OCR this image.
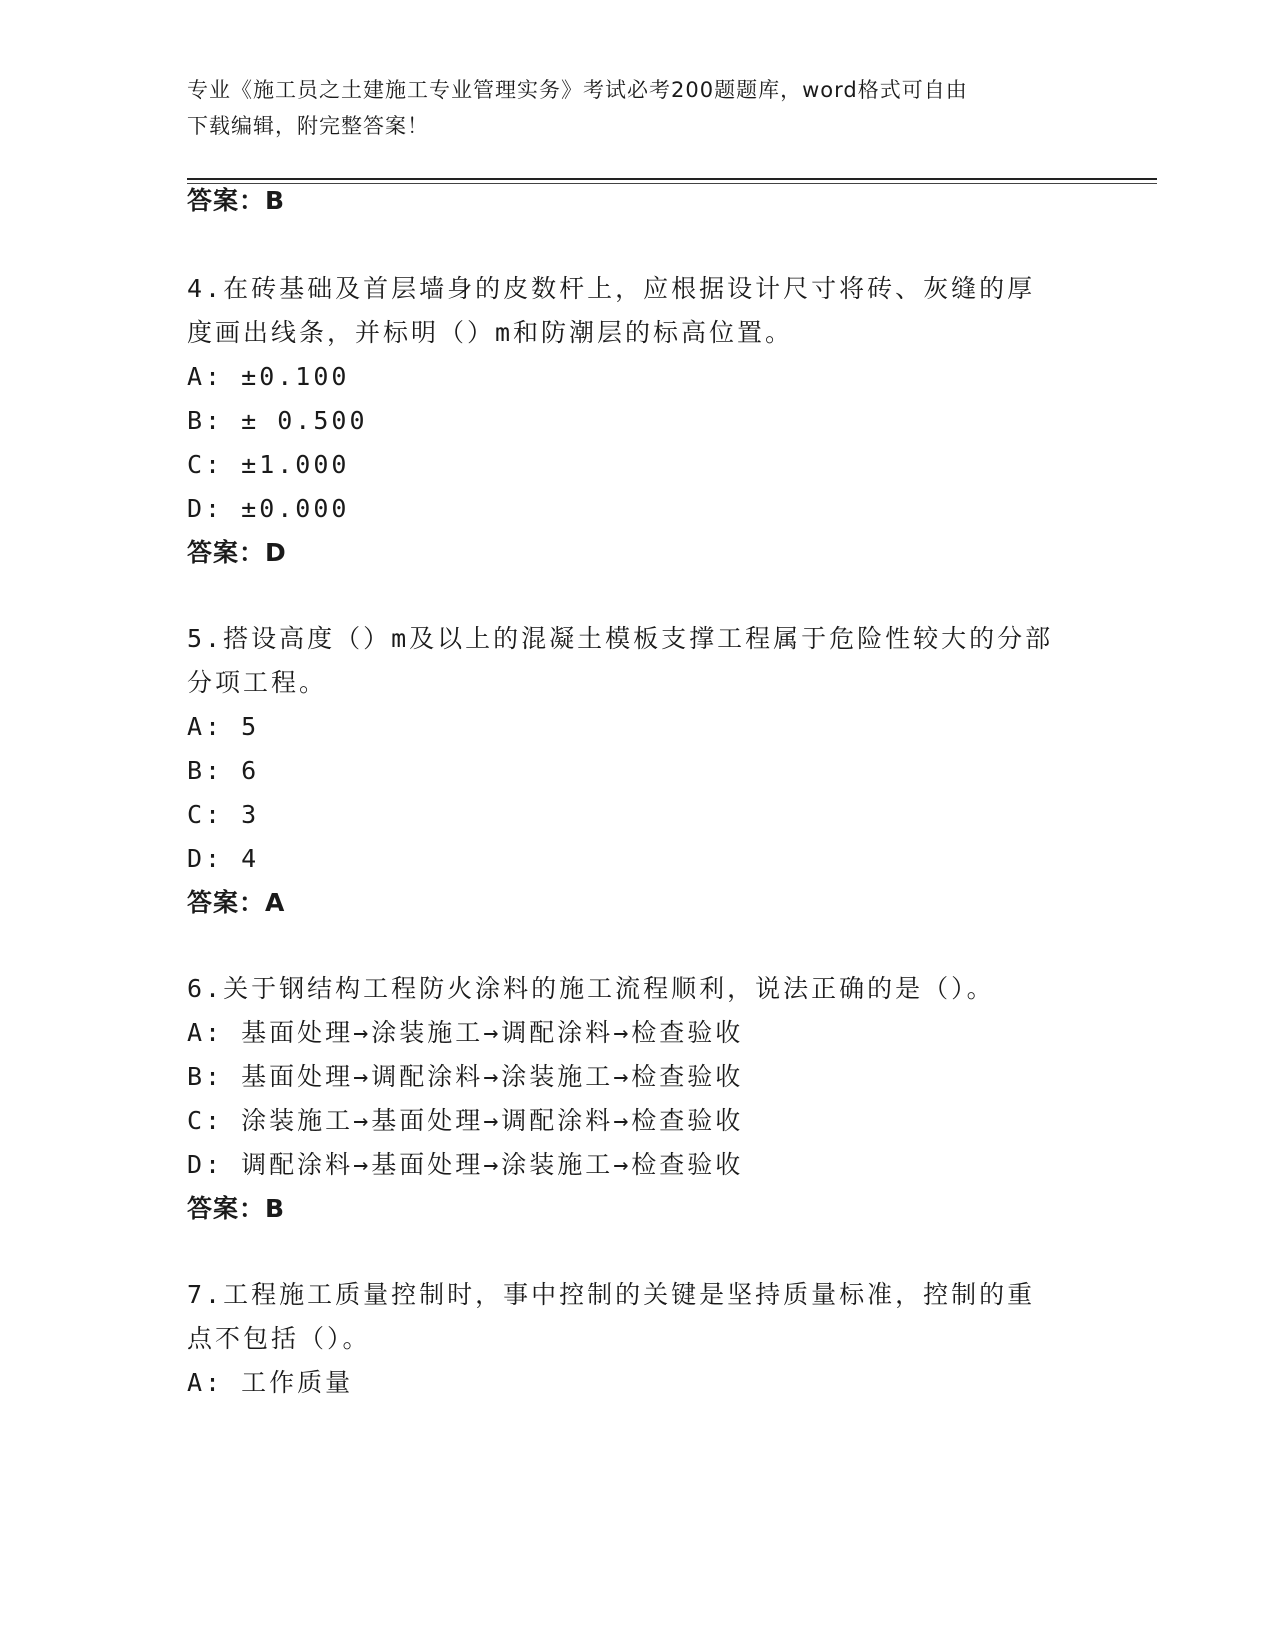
专业《施工员之土建施工专业管理实务》考试必考200题题库，word格式可自由
下载编辑，附完整答案！
答案：B
4.在砖基础及首层墙身的皮数杆上，应根据设计尺寸将砖、灰缝的厚
度画出线条，并标明（）m和防潮层的标高位置。
A: ±0.100
B: ± 0.500
C: ±1.000
D: ±0.000
答案：D
5.搭设高度（）m及以上的混凝土模板支撑工程属于危险性较大的分部
分项工程。
A: 5
B: 6
C: 3
D: 4
答案：A
6.关于钢结构工程防火涂料的施工流程顺利，说法正确的是（）。
A: 基面处理→涂装施工→调配涂料→检查验收
B: 基面处理→调配涂料→涂装施工→检查验收
C: 涂装施工→基面处理→调配涂料→检查验收
D: 调配涂料→基面处理→涂装施工→检查验收
答案：B
7.工程施工质量控制时，事中控制的关键是坚持质量标准，控制的重
点不包括（）。
A: 工作质量
